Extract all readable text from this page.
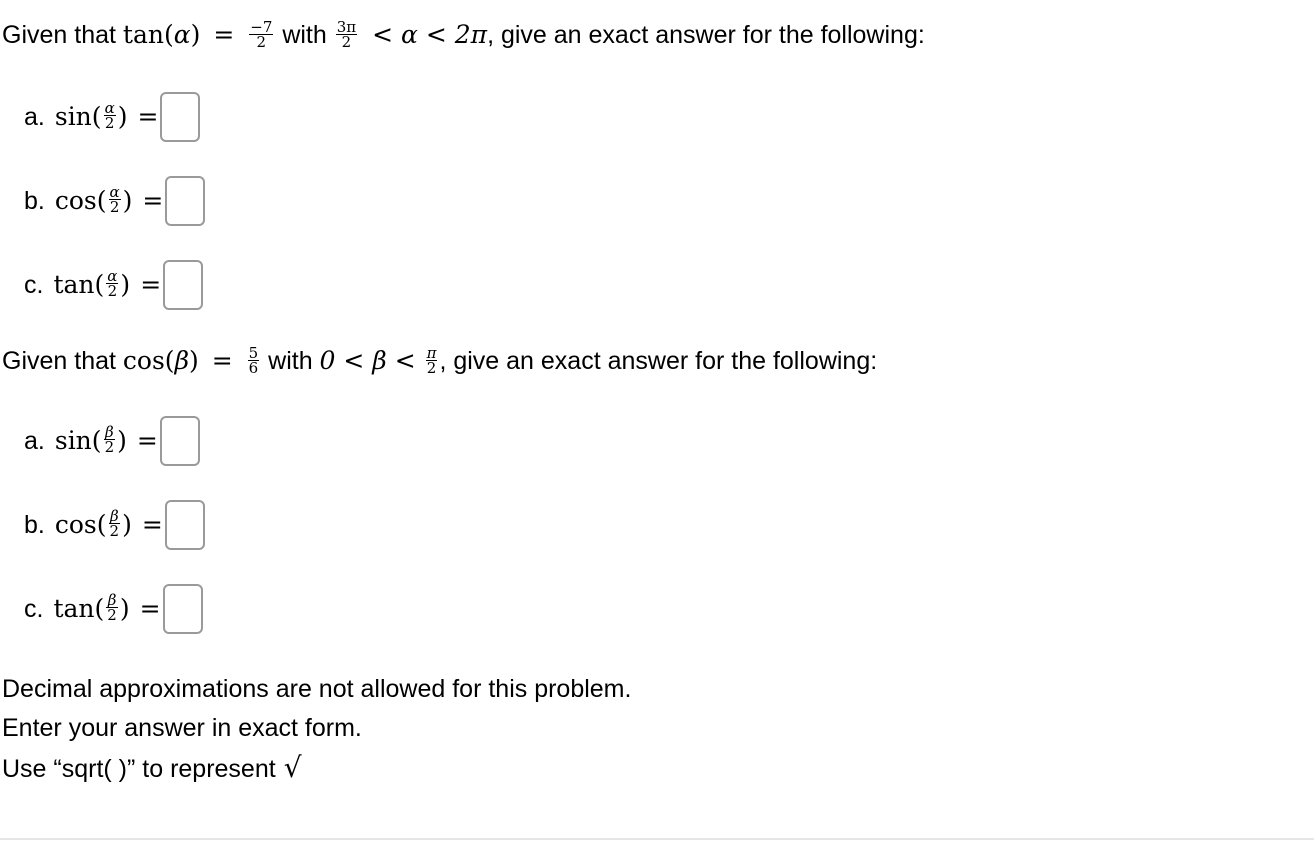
Given that $\tan(\alpha) = \frac{-7}{2}$ with $\frac{3\pi}{2} < \alpha < 2\pi$, give an exact answer for the following:
a. sin ( $\frac{\alpha}{2}$ ) =
b. cos ( $\frac{\alpha}{2}$ ) =
c. tan ( $\frac{\alpha}{2}$ ) =
Given that $\cos(\beta) = \frac{5}{6}$ with $0 < \beta < \frac{\pi}{2}$ , give an exact answer for the following:
a. sin ( $\frac{\beta}{2}$ ) =
b. cos ( $\frac{\beta}{2}$ ) =
c. tan ( $\frac{\beta}{2}$ ) =
Decimal approximations are not allowed for this problem.
Enter your answer in exact form.
Use “sqrt( )” to represent √
